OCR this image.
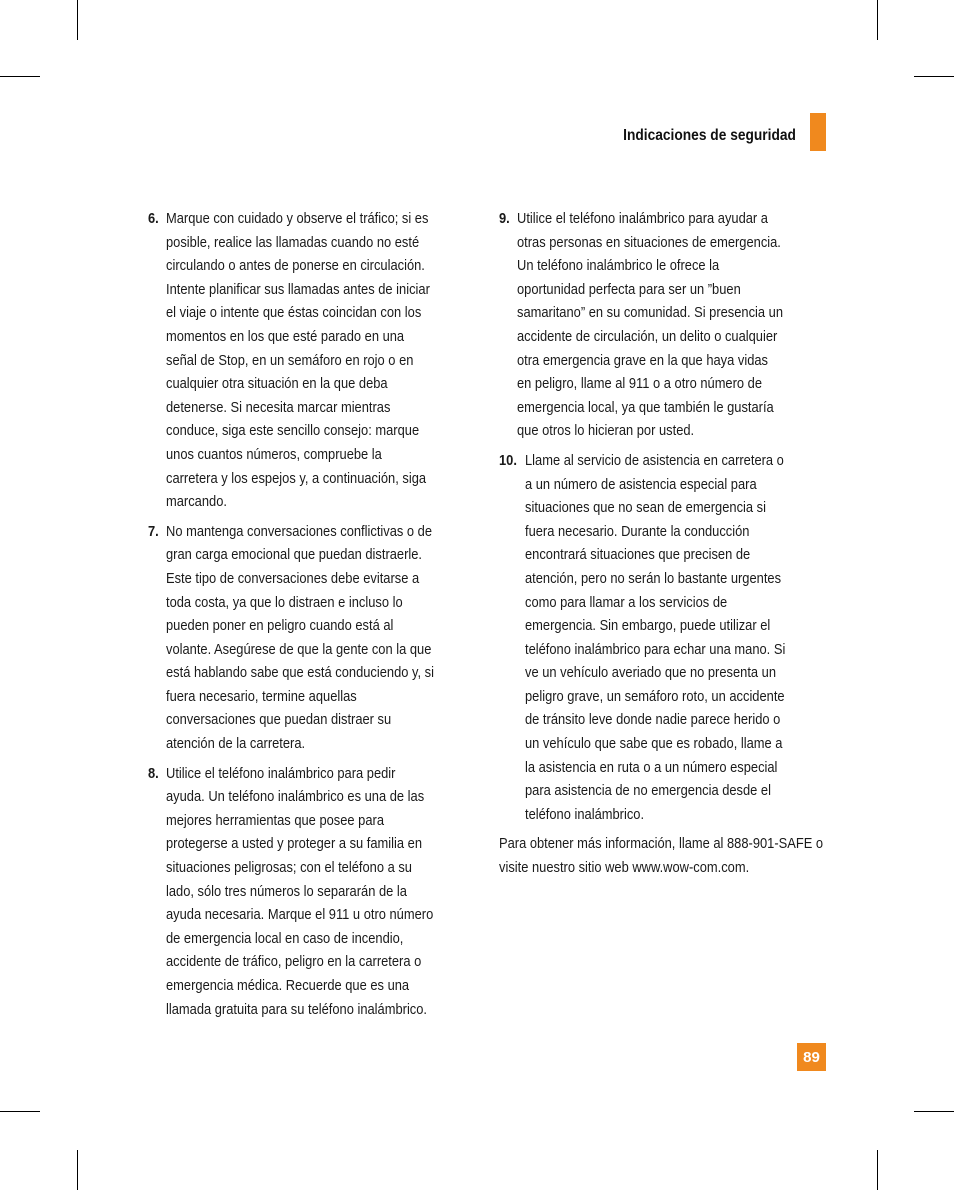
Indicaciones de seguridad
6. Marque con cuidado y observe el tráfico; si es posible, realice las llamadas cuando no esté circulando o antes de ponerse en circulación. Intente planificar sus llamadas antes de iniciar el viaje o intente que éstas coincidan con los momentos en los que esté parado en una señal de Stop, en un semáforo en rojo o en cualquier otra situación en la que deba detenerse. Si necesita marcar mientras conduce, siga este sencillo consejo: marque unos cuantos números, compruebe la carretera y los espejos y, a continuación, siga marcando.
7. No mantenga conversaciones conflictivas o de gran carga emocional que puedan distraerle. Este tipo de conversaciones debe evitarse a toda costa, ya que lo distraen e incluso lo pueden poner en peligro cuando está al volante. Asegúrese de que la gente con la que está hablando sabe que está conduciendo y, si fuera necesario, termine aquellas conversaciones que puedan distraer su atención de la carretera.
8. Utilice el teléfono inalámbrico para pedir ayuda. Un teléfono inalámbrico es una de las mejores herramientas que posee para protegerse a usted y proteger a su familia en situaciones peligrosas; con el teléfono a su lado, sólo tres números lo separarán de la ayuda necesaria. Marque el 911 u otro número de emergencia local en caso de incendio, accidente de tráfico, peligro en la carretera o emergencia médica. Recuerde que es una llamada gratuita para su teléfono inalámbrico.
9. Utilice el teléfono inalámbrico para ayudar a otras personas en situaciones de emergencia. Un teléfono inalámbrico le ofrece la oportunidad perfecta para ser un ”buen samaritano” en su comunidad. Si presencia un accidente de circulación, un delito o cualquier otra emergencia grave en la que haya vidas en peligro, llame al 911 o a otro número de emergencia local, ya que también le gustaría que otros lo hicieran por usted.
10. Llame al servicio de asistencia en carretera o a un número de asistencia especial para situaciones que no sean de emergencia si fuera necesario. Durante la conducción encontrará situaciones que precisen de atención, pero no serán lo bastante urgentes como para llamar a los servicios de emergencia. Sin embargo, puede utilizar el teléfono inalámbrico para echar una mano. Si ve un vehículo averiado que no presenta un peligro grave, un semáforo roto, un accidente de tránsito leve donde nadie parece herido o un vehículo que sabe que es robado, llame a la asistencia en ruta o a un número especial para asistencia de no emergencia desde el teléfono inalámbrico.
Para obtener más información, llame al 888-901-SAFE o visite nuestro sitio web www.wow-com.com.
89
